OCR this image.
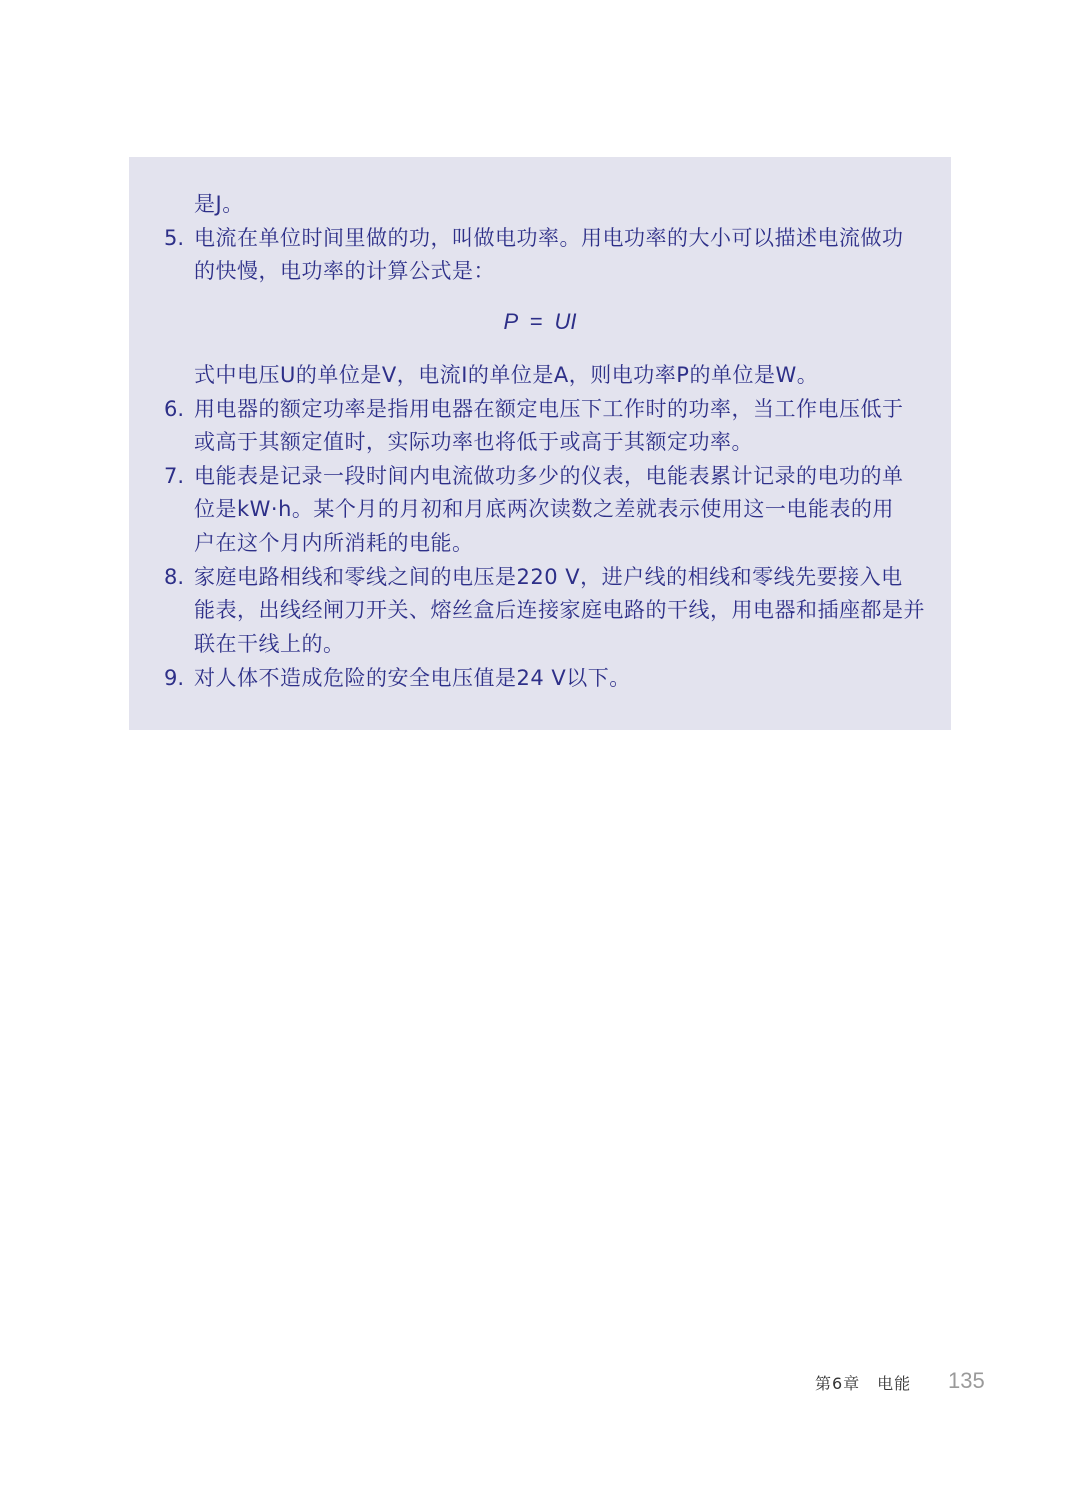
是J。
5. 电流在单位时间里做的功，叫做电功率。用电功率的大小可以描述电流做功
的快慢，电功率的计算公式是：
P = UI
式中电压U的单位是V，电流I的单位是A，则电功率P的单位是W。
6. 用电器的额定功率是指用电器在额定电压下工作时的功率，当工作电压低于
或高于其额定值时，实际功率也将低于或高于其额定功率。
7. 电能表是记录一段时间内电流做功多少的仪表，电能表累计记录的电功的单
位是kW·h。某个月的月初和月底两次读数之差就表示使用这一电能表的用
户在这个月内所消耗的电能。
8. 家庭电路相线和零线之间的电压是220 V，进户线的相线和零线先要接入电
能表，出线经闸刀开关、熔丝盒后连接家庭电路的干线，用电器和插座都是并
联在干线上的。
9. 对人体不造成危险的安全电压值是24 V以下。
第6章　电能 135
